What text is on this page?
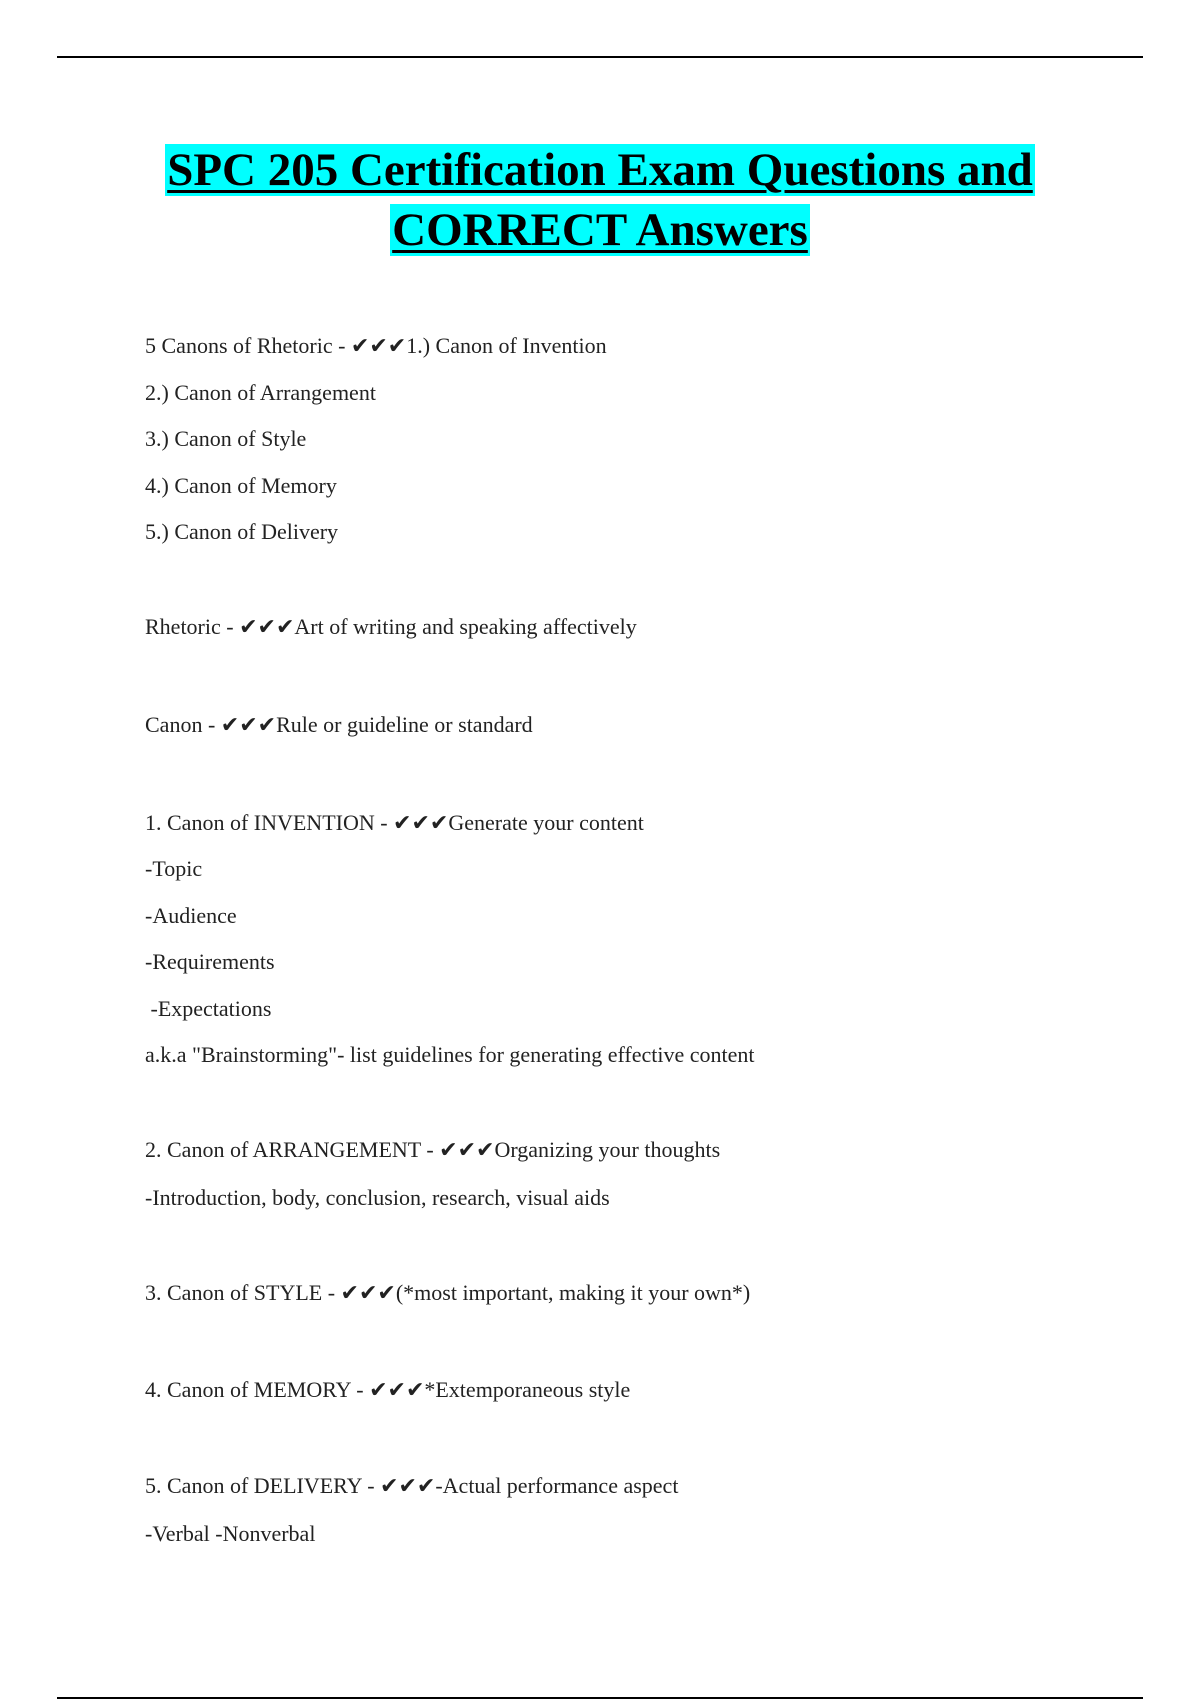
SPC 205 Certification Exam Questions and
CORRECT Answers
5 Canons of Rhetoric - ✔✔✔1.) Canon of Invention
2.) Canon of Arrangement
3.) Canon of Style
4.) Canon of Memory
5.) Canon of Delivery
Rhetoric - ✔✔✔Art of writing and speaking affectively
Canon - ✔✔✔Rule or guideline or standard
1. Canon of INVENTION - ✔✔✔Generate your content
-Topic
-Audience
-Requirements
-Expectations
a.k.a "Brainstorming"- list guidelines for generating effective content
2. Canon of ARRANGEMENT - ✔✔✔Organizing your thoughts
-Introduction, body, conclusion, research, visual aids
3. Canon of STYLE - ✔✔✔(*most important, making it your own*)
4. Canon of MEMORY - ✔✔✔*Extemporaneous style
5. Canon of DELIVERY - ✔✔✔-Actual performance aspect
-Verbal -Nonverbal
